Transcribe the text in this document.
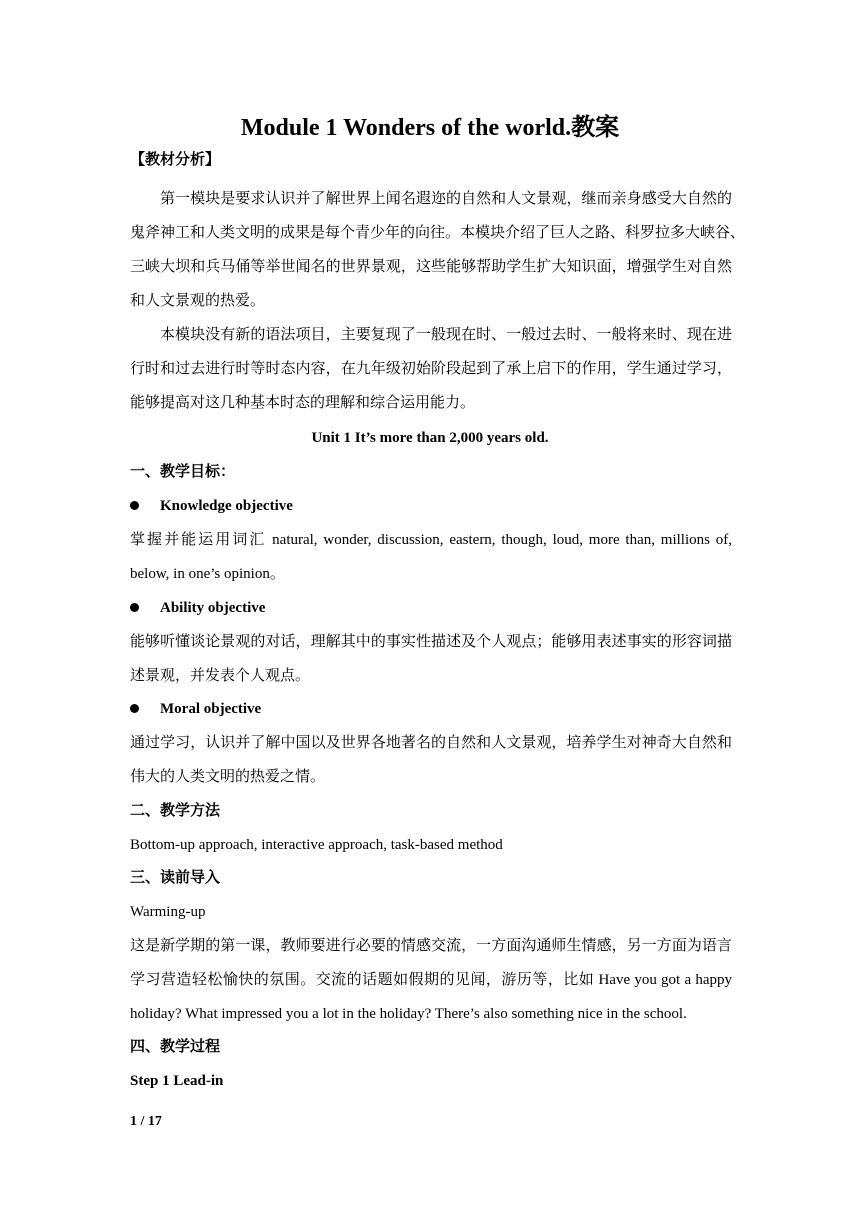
Module 1 Wonders of the world.教案
【教材分析】
第一模块是要求认识并了解世界上闻名遐迩的自然和人文景观，继而亲身感受大自然的
鬼斧神工和人类文明的成果是每个青少年的向往。本模块介绍了巨人之路、科罗拉多大峡谷、
三峡大坝和兵马俑等举世闻名的世界景观，这些能够帮助学生扩大知识面，增强学生对自然
和人文景观的热爱。
本模块没有新的语法项目，主要复现了一般现在时、一般过去时、一般将来时、现在进
行时和过去进行时等时态内容，在九年级初始阶段起到了承上启下的作用，学生通过学习，
能够提高对这几种基本时态的理解和综合运用能力。
Unit 1 It’s more than 2,000 years old.
一、教学目标：
Knowledge objective
掌握并能运用词汇 natural, wonder, discussion, eastern, though, loud, more than, millions of,
below, in one’s opinion。
Ability objective
能够听懂谈论景观的对话，理解其中的事实性描述及个人观点；能够用表述事实的形容词描
述景观，并发表个人观点。
Moral objective
通过学习，认识并了解中国以及世界各地著名的自然和人文景观，培养学生对神奇大自然和
伟大的人类文明的热爱之情。
二、教学方法
Bottom-up approach, interactive approach, task-based method
三、读前导入
Warming-up
这是新学期的第一课，教师要进行必要的情感交流，一方面沟通师生情感，另一方面为语言
学习营造轻松愉快的氛围。交流的话题如假期的见闻，游历等，比如 Have you got a happy
holiday? What impressed you a lot in the holiday? There’s also something nice in the school.
四、教学过程
Step 1 Lead-in
1 / 17
